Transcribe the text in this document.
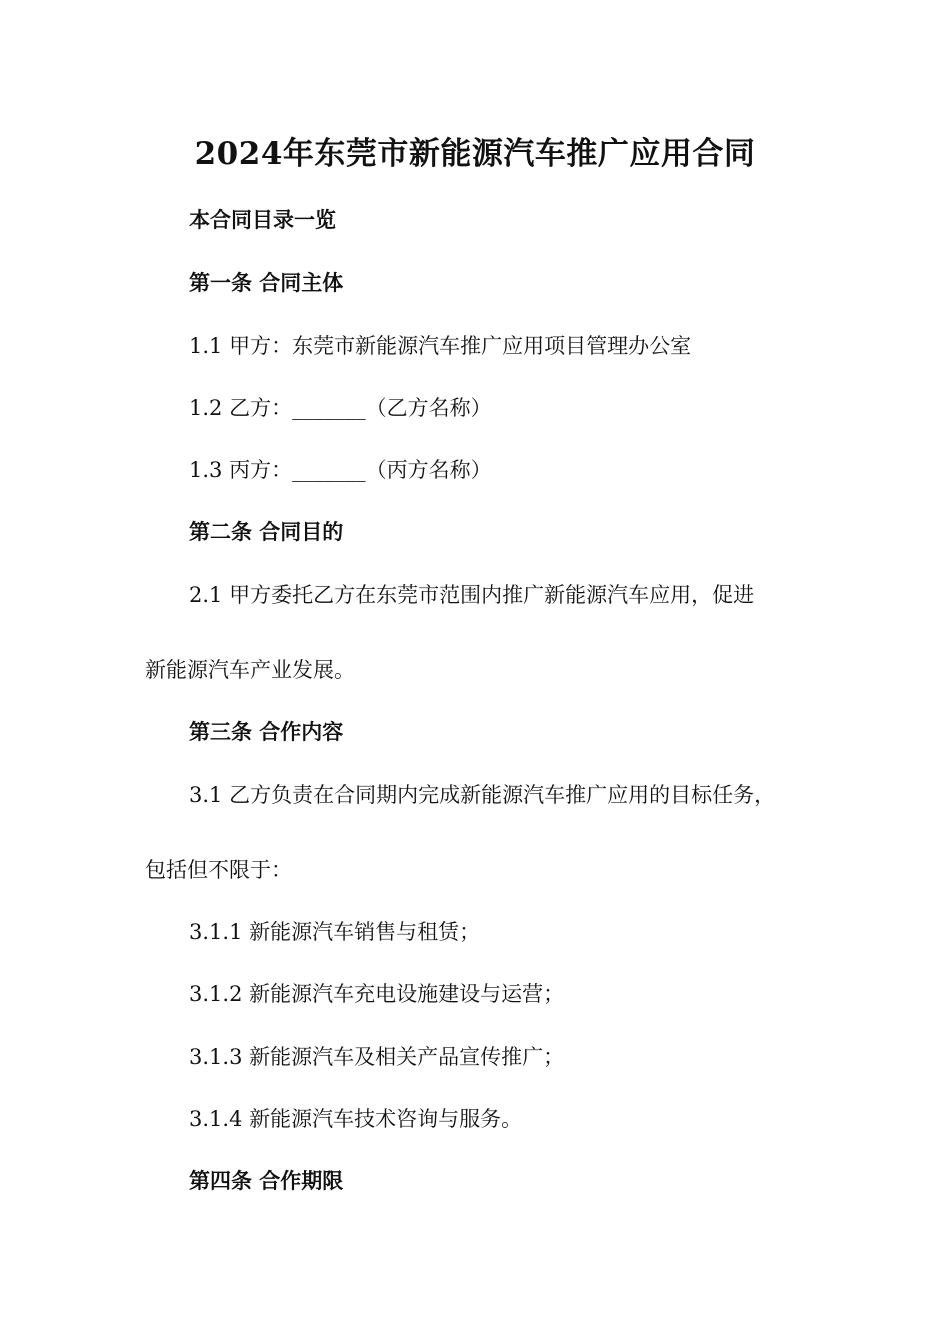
2024年东莞市新能源汽车推广应用合同
本合同目录一览
第一条 合同主体
1.1 甲方：东莞市新能源汽车推广应用项目管理办公室
1.2 乙方：_______（乙方名称）
1.3 丙方：_______（丙方名称）
第二条 合同目的
2.1 甲方委托乙方在东莞市范围内推广新能源汽车应用，促进
新能源汽车产业发展。
第三条 合作内容
3.1 乙方负责在合同期内完成新能源汽车推广应用的目标任务，
包括但不限于：
3.1.1 新能源汽车销售与租赁；
3.1.2 新能源汽车充电设施建设与运营；
3.1.3 新能源汽车及相关产品宣传推广；
3.1.4 新能源汽车技术咨询与服务。
第四条 合作期限
